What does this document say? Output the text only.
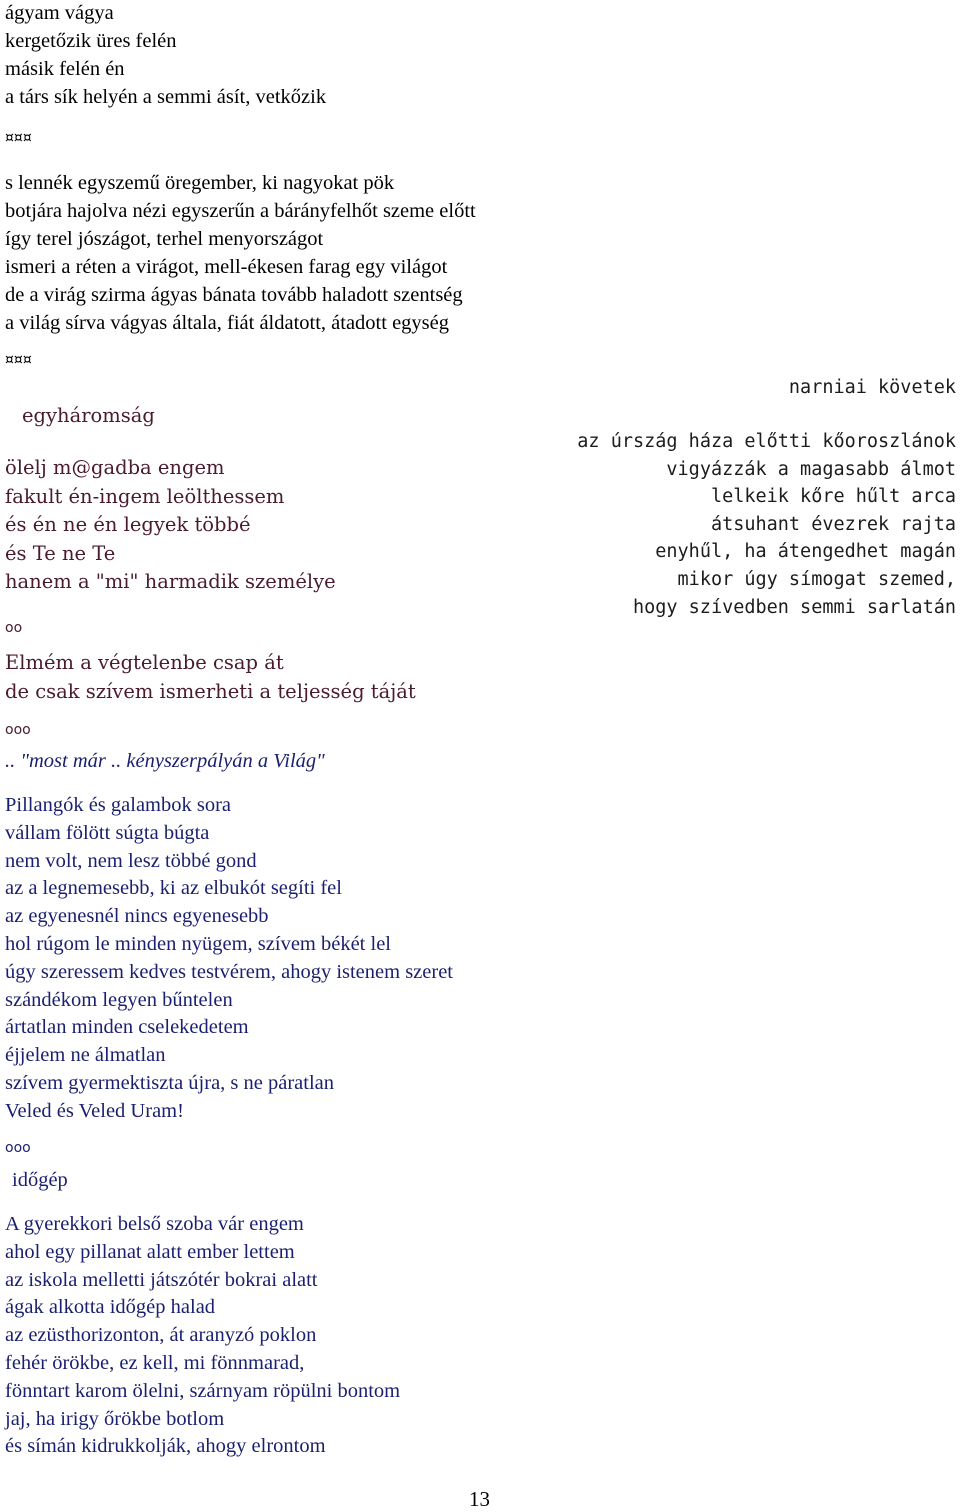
ágyam vágya
kergetőzik üres felén
másik felén én
a társ sík helyén a semmi ásít, vetkőzik
¤¤¤
s lennék egyszemű öregember, ki nagyokat pök
botjára hajolva nézi egyszerűn a bárányfelhőt szeme előtt
így terel jószágot, terhel menyországot
ismeri a réten a virágot, mell-ékesen farag egy világot
de a virág szirma ágyas bánata tovább haladott szentség
a világ sírva vágyas általa, fiát áldatott, átadott egység
¤¤¤
egyháromság
ölelj m@gadba engem
fakult én-ingem leölthessem
és én ne én legyek többé
és Te ne Te
hanem a "mi" harmadik személye
oo
Elmém a végtelenbe csap át
de csak szívem ismerheti a teljesség táját
ooo
.. "most már .. kényszerpályán a Világ"
Pillangók és galambok sora
vállam fölött súgta búgta
nem volt, nem lesz többé gond
az a legnemesebb, ki az elbukót segíti fel
az egyenesnél nincs egyenesebb
hol rúgom le minden nyügem, szívem békét lel
úgy szeressem kedves testvérem, ahogy istenem szeret
szándékom legyen bűntelen
ártatlan minden cselekedetem
éjjelem ne álmatlan
szívem gyermektiszta újra, s ne páratlan
Veled és Veled Uram!
ooo
időgép
A gyerekkori belső szoba vár engem
ahol egy pillanat alatt ember lettem
az iskola melletti játszótér bokrai alatt
ágak alkotta időgép halad
az ezüsthorizonton, át aranyzó poklon
fehér örökbe, ez kell, mi fönnmarad,
fönntart karom ölelni, szárnyam röpülni bontom
jaj, ha irigy őrökbe botlom
és símán kidrukkolják, ahogy elrontom
narniai követek
az úrszág háza előtti kőoroszlánok
vigyázzák a magasabb álmot
lelkeik kőre hűlt arca
átsuhant évezrek rajta
enyhűl, ha átengedhet magán
mikor úgy símogat szemed,
hogy szívedben semmi sarlatán
13
